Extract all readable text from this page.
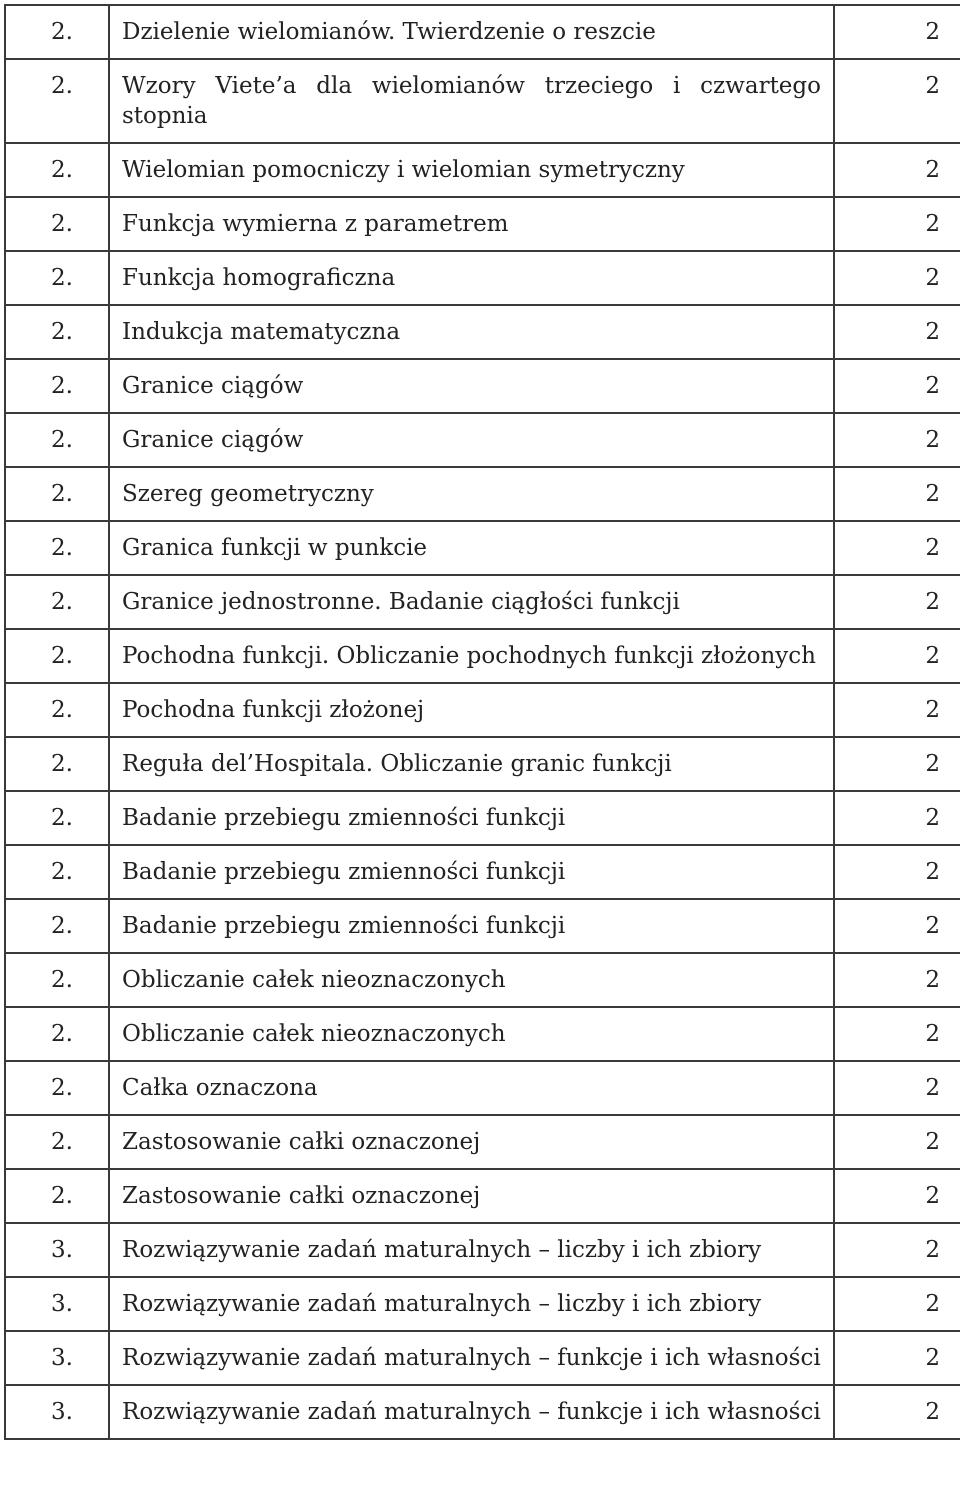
2.	Dzielenie wielomianów. Twierdzenie o reszcie	2
2.	Wzory Viete’a dla wielomianów trzeciego i czwartego stopnia	2
2.	Wielomian pomocniczy i wielomian symetryczny	2
2.	Funkcja wymierna z parametrem	2
2.	Funkcja homograficzna	2
2.	Indukcja matematyczna	2
2.	Granice ciągów	2
2.	Granice ciągów	2
2.	Szereg geometryczny	2
2.	Granica funkcji w punkcie	2
2.	Granice jednostronne. Badanie ciągłości funkcji	2
2.	Pochodna funkcji. Obliczanie pochodnych funkcji złożonych	2
2.	Pochodna funkcji złożonej	2
2.	Reguła del’Hospitala. Obliczanie granic funkcji	2
2.	Badanie przebiegu zmienności funkcji	2
2.	Badanie przebiegu zmienności funkcji	2
2.	Badanie przebiegu zmienności funkcji	2
2.	Obliczanie całek nieoznaczonych	2
2.	Obliczanie całek nieoznaczonych	2
2.	Całka oznaczona	2
2.	Zastosowanie całki oznaczonej	2
2.	Zastosowanie całki oznaczonej	2
3.	Rozwiązywanie zadań maturalnych – liczby i ich zbiory	2
3.	Rozwiązywanie zadań maturalnych – liczby i ich zbiory	2
3.	Rozwiązywanie zadań maturalnych – funkcje i ich własności	2
3.	Rozwiązywanie zadań maturalnych – funkcje i ich własności	2
